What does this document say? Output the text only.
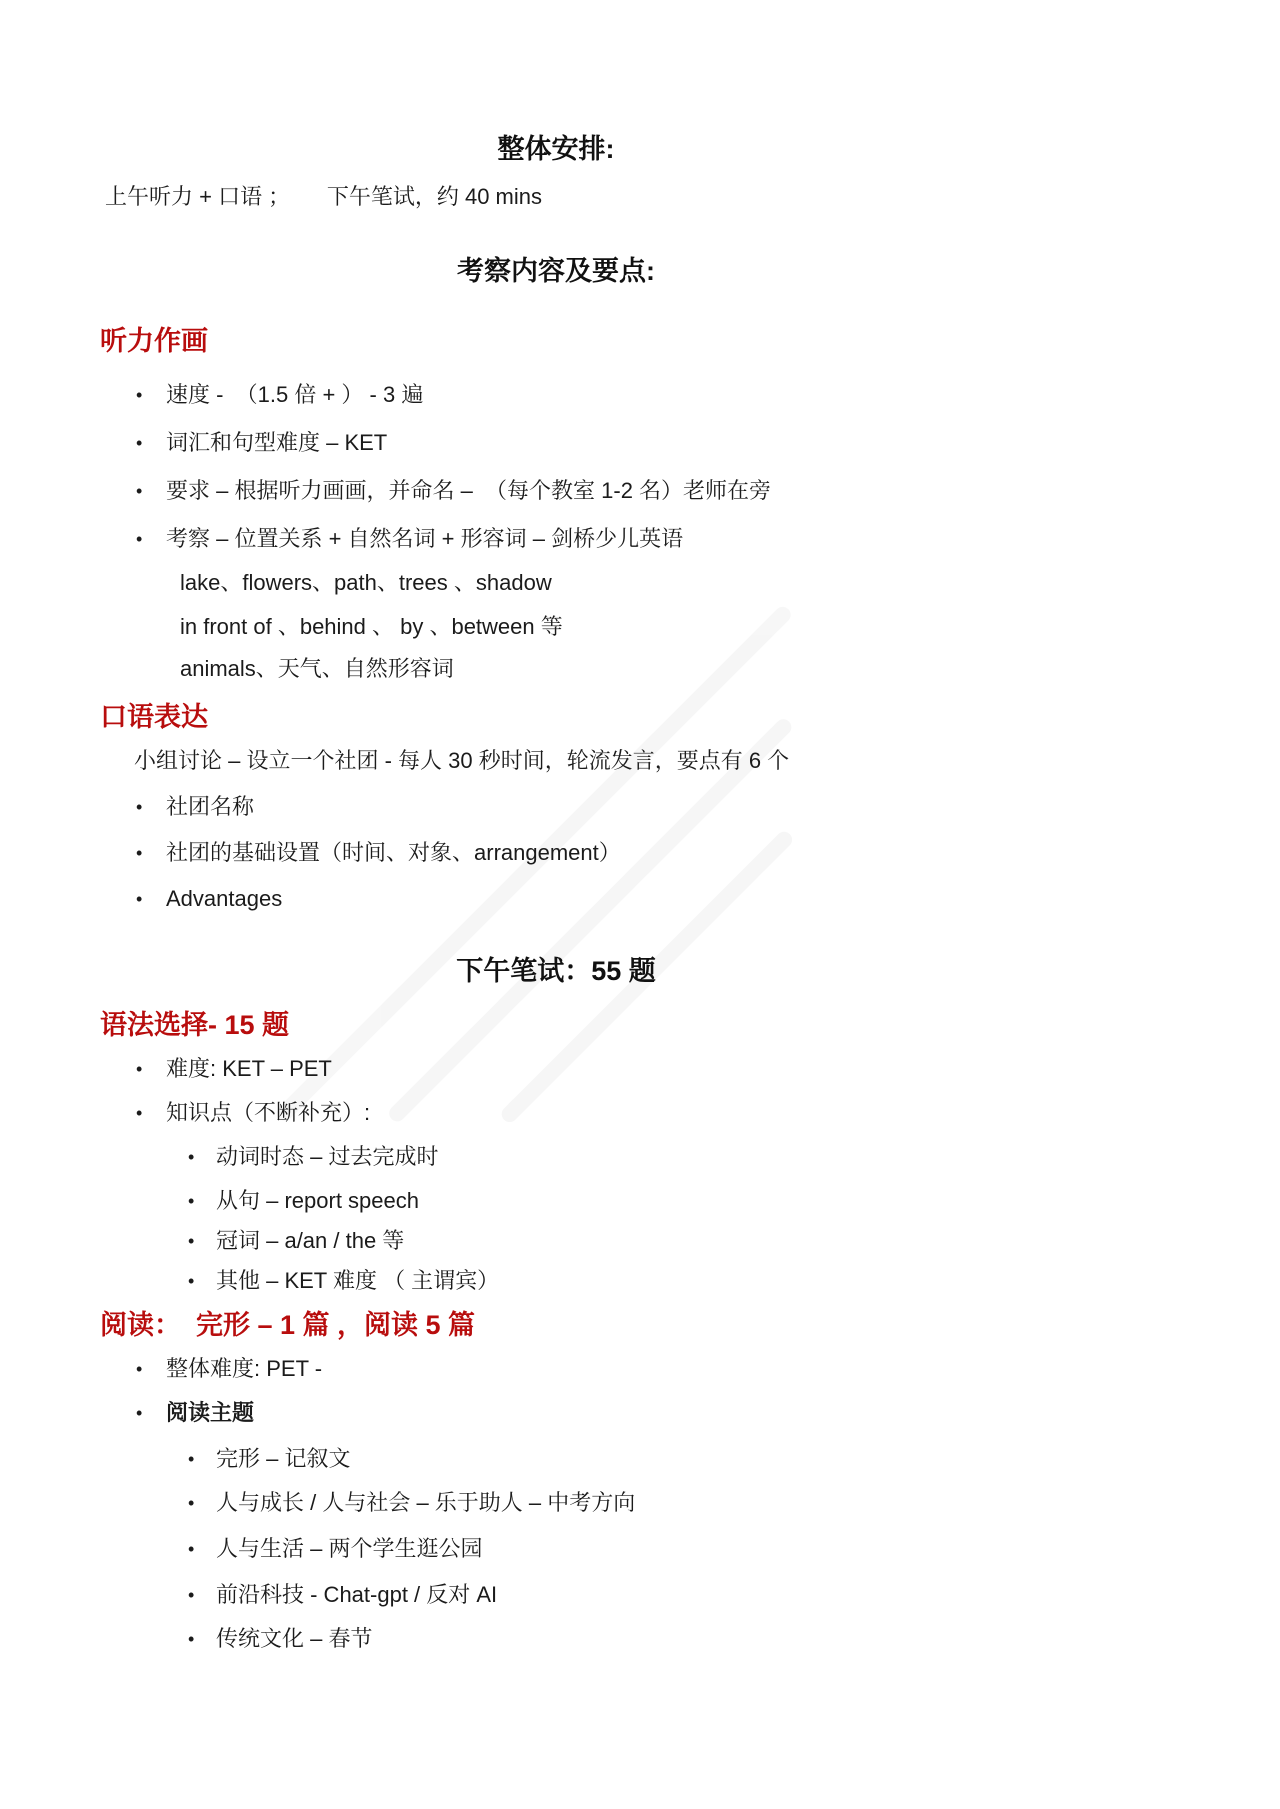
整体安排:
上午听力 + 口语 ；      下午笔试，约 40 mins
考察内容及要点:
听力作画
•	速度 -  （1.5 倍 + ） - 3 遍
•	词汇和句型难度 – KET
•	要求 – 根据听力画画，并命名 –  （每个教室 1-2 名）老师在旁
•	考察 – 位置关系 + 自然名词 + 形容词 – 剑桥少儿英语
lake、flowers、path、trees 、shadow
in front of 、behind 、 by 、between 等
animals、天气、自然形容词
口语表达
小组讨论 – 设立一个社团 - 每人 30 秒时间，轮流发言，要点有 6 个
•	社团名称
•	社团的基础设置（时间、对象、arrangement）
•	Advantages
下午笔试：55 题
语法选择- 15 题
•	难度: KET – PET
•	知识点（不断补充）:
• 动词时态 – 过去完成时
• 从句 – report speech
• 冠词 – a/an / the 等
• 其他 – KET 难度 （ 主谓宾）
阅读：  完形 – 1 篇 ，阅读 5 篇
•	整体难度: PET -
•	阅读主题
• 完形 – 记叙文
• 人与成长 / 人与社会 – 乐于助人 – 中考方向
• 人与生活 – 两个学生逛公园
• 前沿科技 - Chat-gpt / 反对 AI
• 传统文化 – 春节
